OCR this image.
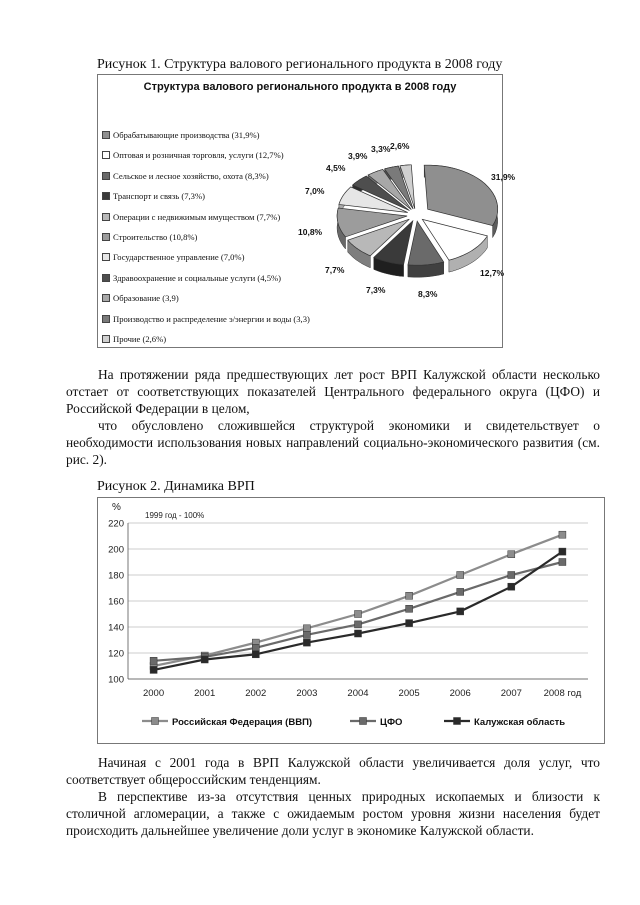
Рисунок 1. Структура валового регионального продукта в 2008 году
Структура валового регионального продукта в 2008 году
Обрабатывающие производства (31,9%)
Оптовая и розничная торговля, услуги (12,7%)
Сельское и лесное хозяйство, охота (8,3%)
Транспорт и связь (7,3%)
Операции с недвижимым имуществом (7,7%)
Строительство (10,8%)
Государственное управление (7,0%)
Здравоохранение и социальные услуги (4,5%)
Образование (3,9)
Производство и распределение э/энергии и воды (3,3)
Прочие (2,6%)
31,9%
12,7%
8,3%
7,3%
7,7%
10,8%
7,0%
4,5%
3,9%
3,3% 2,6%

На протяжении ряда предшествующих лет рост ВРП Калужской области несколько отстает от соответствующих показателей Центрального федерального округа (ЦФО) и Российской Федерации в целом,

что обусловлено сложившейся структурой экономики и свидетельствует о необходимости использования новых направлений социально-экономического развития (см. рис. 2).

Рисунок 2. Динамика ВРП
100
120
140
160
180
200
220
2000	2001	2002	2003	2004	2005	2006	2007 2008 год
%
1999 год - 100%
Российская Федерация (ВВП)	ЦФО	Калужская область

Начиная с 2001 года в ВРП Калужской области увеличивается доля услуг, что соответствует общероссийским тенденциям.

В перспективе из-за отсутствия ценных природных ископаемых и близости к столичной агломерации, а также с ожидаемым ростом уровня жизни населения будет происходить дальнейшее увеличение доли услуг в экономике Калужской области.
